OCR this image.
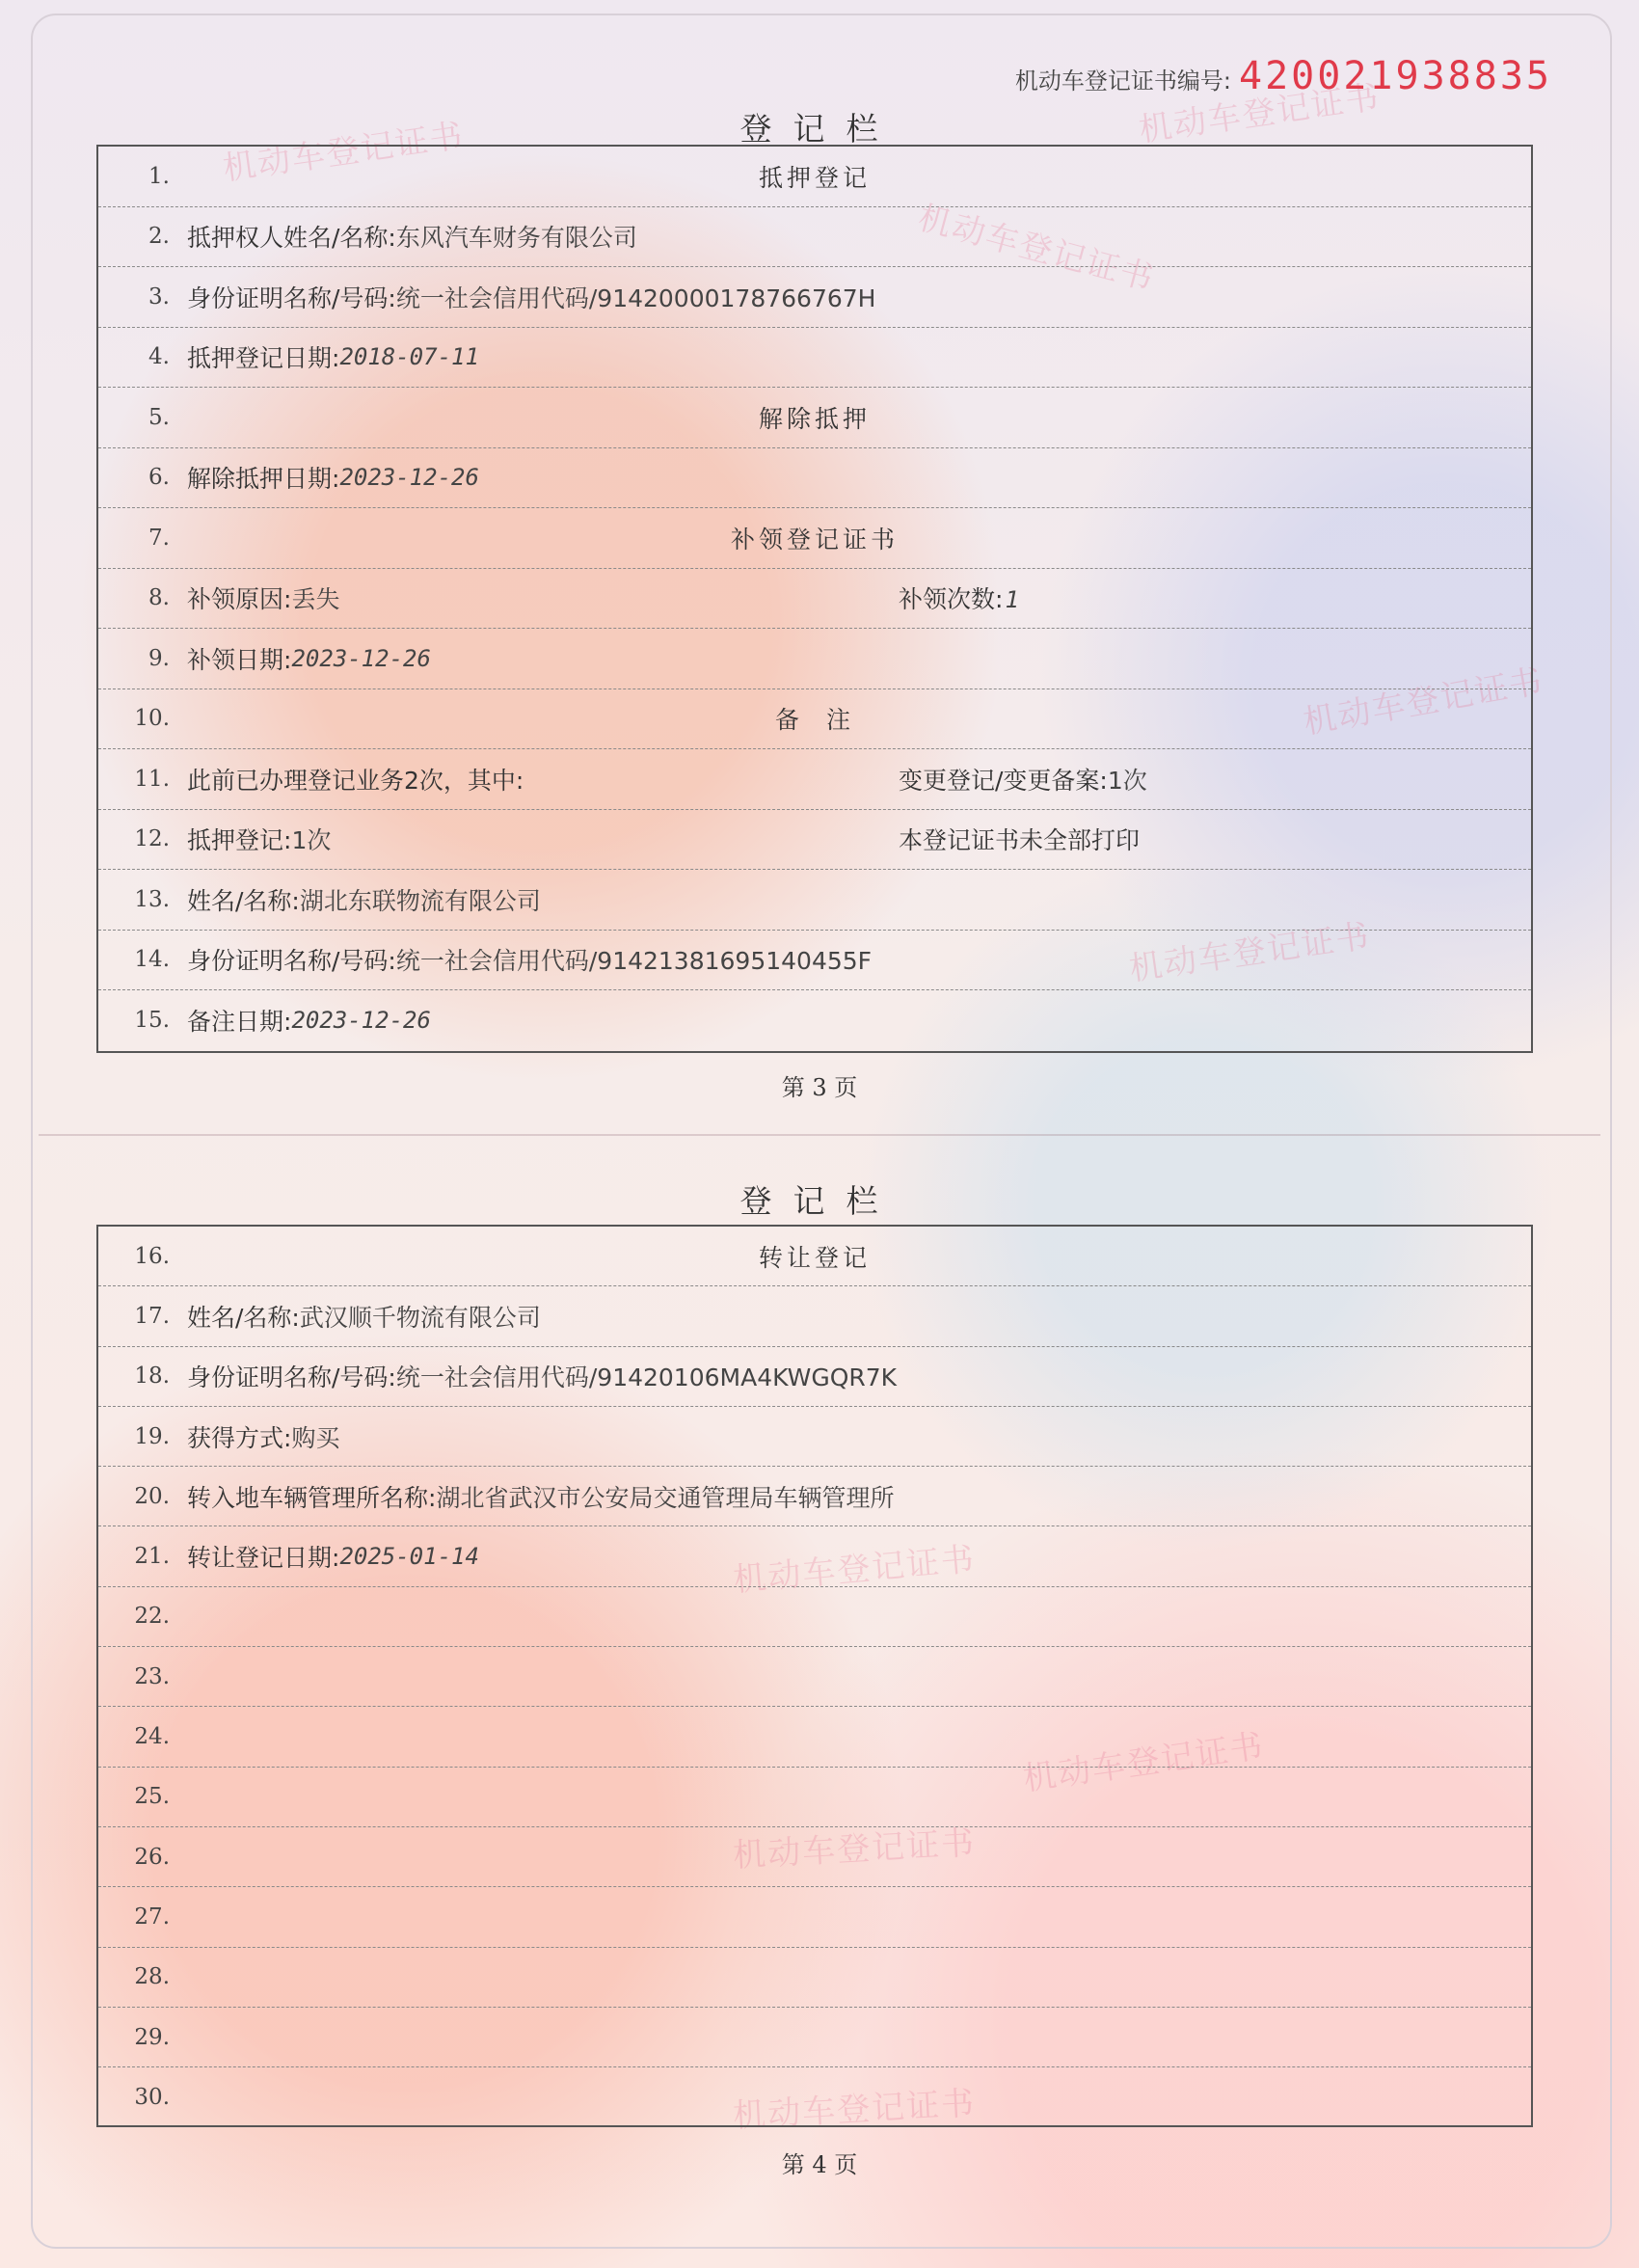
机动车登记证书
机动车登记证书
机动车登记证书
机动车登记证书
机动车登记证书
机动车登记证书
机动车登记证书
机动车登记证书
机动车登记证书
机动车登记证书编号: 420021938835
登记栏
1.	抵押登记
2. 抵押权人姓名/名称: 东风汽车财务有限公司
3. 身份证明名称/号码: 统一社会信用代码/91420000178766767H
4. 抵押登记日期: 2018-07-11
5.	解除抵押
6. 解除抵押日期: 2023-12-26
7.	补领登记证书
8. 补领原因: 丢失	补领次数:1
9. 补领日期: 2023-12-26
10.	备  注
11. 此前已办理登记业务2次，其中:	变更登记/变更备案:1次
12. 抵押登记: 1次	本登记证书未全部打印
13. 姓名/名称: 湖北东联物流有限公司
14. 身份证明名称/号码: 统一社会信用代码/91421381695140455F
15. 备注日期: 2023-12-26
第 3 页
登记栏
16.	转让登记
17. 姓名/名称: 武汉顺千物流有限公司
18. 身份证明名称/号码: 统一社会信用代码/91420106MA4KWGQR7K
19. 获得方式: 购买
20. 转入地车辆管理所名称: 湖北省武汉市公安局交通管理局车辆管理所
21. 转让登记日期: 2025-01-14
22.
23.
24.
25.
26.
27.
28.
29.
30.
第 4 页
